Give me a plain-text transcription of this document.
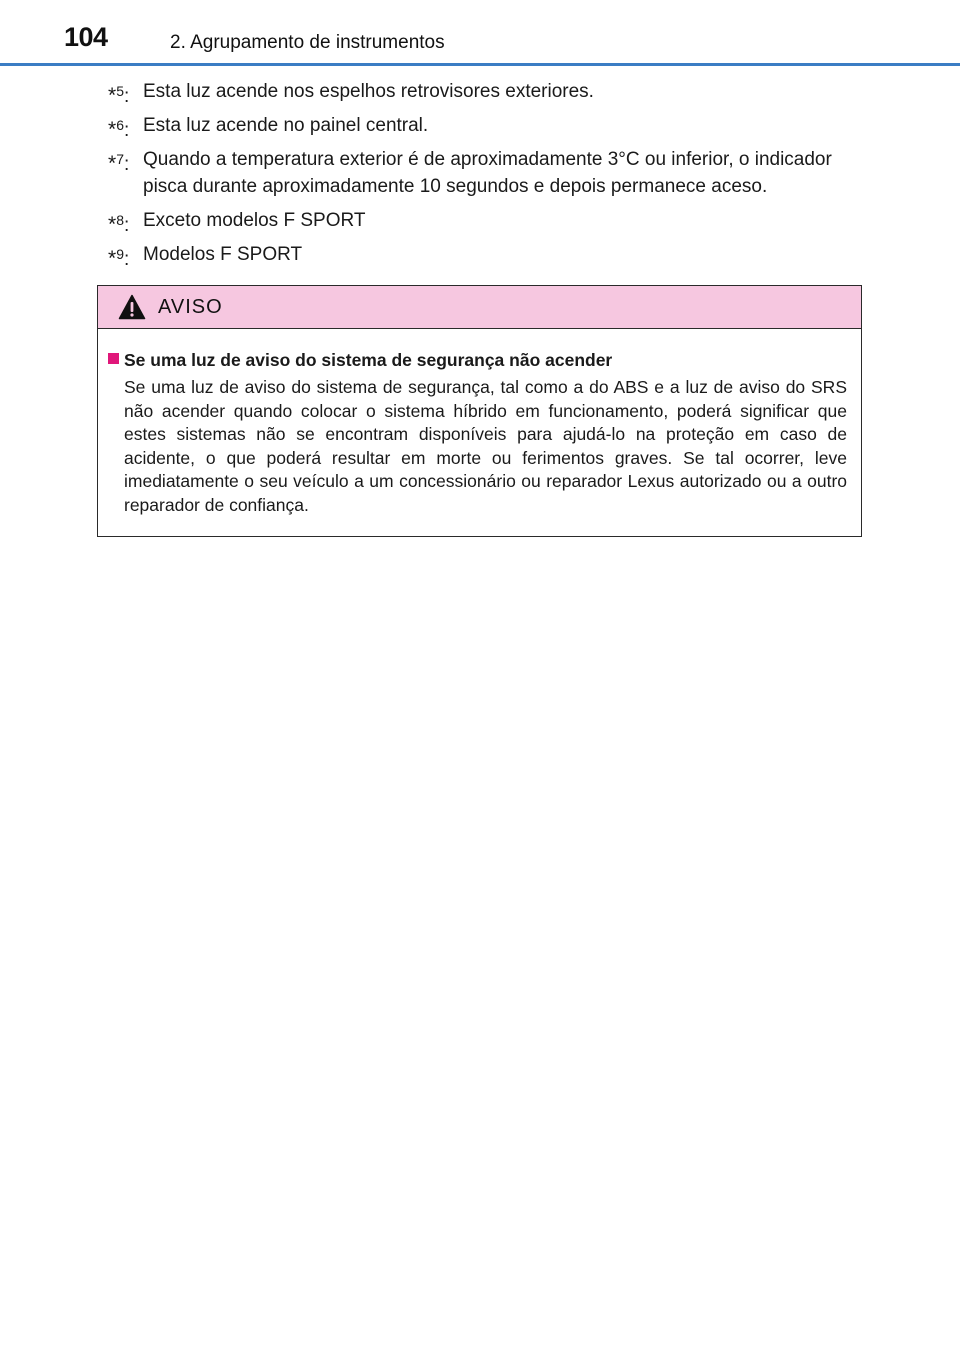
104	2. Agrupamento de instrumentos
*$^5$: Esta luz acende nos espelhos retrovisores exteriores.
*$^6$: Esta luz acende no painel central.
*$^7$: Quando a temperatura exterior é de aproximadamente 3°C ou inferior, o indicador pisca durante aproximadamente 10 segundos e depois permanece aceso.
*$^8$: Exceto modelos F SPORT
*$^9$: Modelos F SPORT
AVISO
Se uma luz de aviso do sistema de segurança não acender
Se uma luz de aviso do sistema de segurança, tal como a do ABS e a luz de aviso do SRS não acender quando colocar o sistema híbrido em funcionamento, poderá significar que estes sistemas não se encontram disponíveis para ajudá-lo na proteção em caso de acidente, o que poderá resultar em morte ou ferimentos graves. Se tal ocorrer, leve imediatamente o seu veículo a um concessionário ou reparador Lexus autorizado ou a outro reparador de confiança.
